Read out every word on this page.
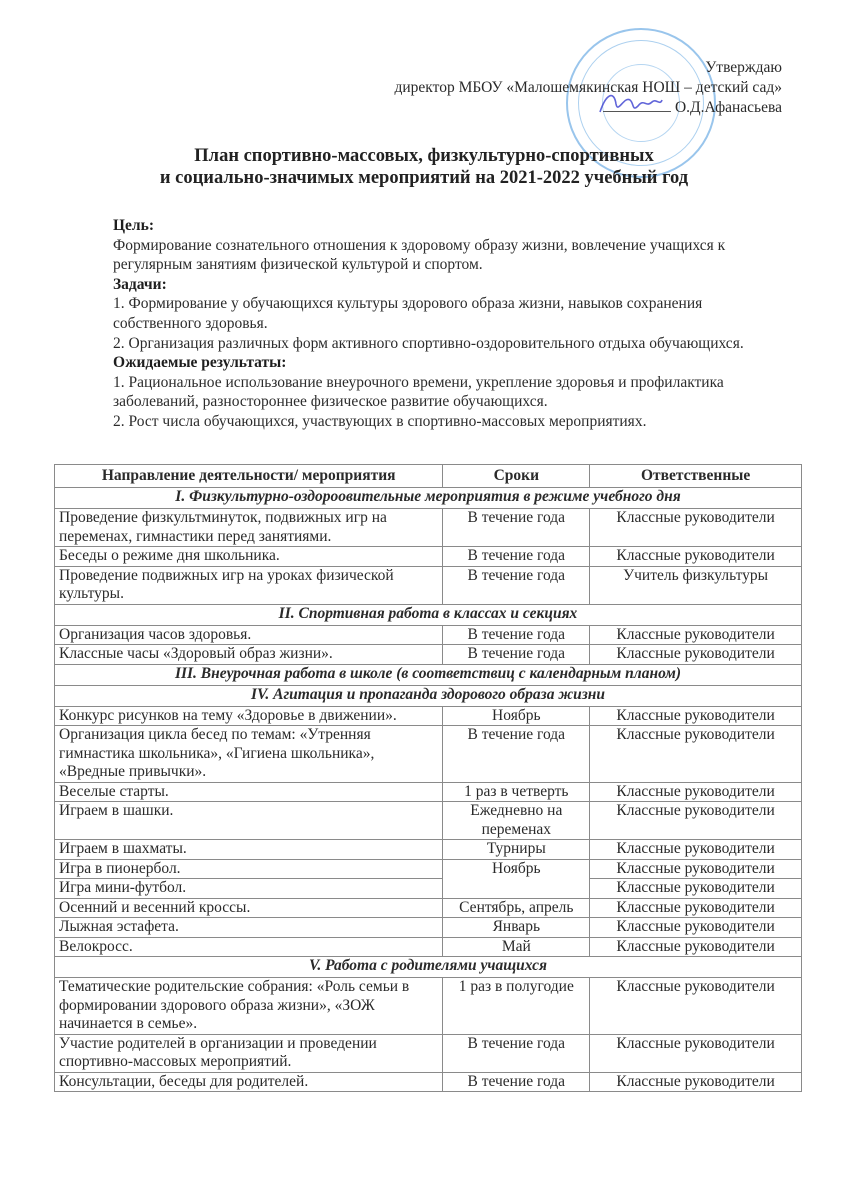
Утверждаю
директор МБОУ «Малошемякинская НОШ – детский сад»
О.Д.Афанасьева
План спортивно-массовых, физкультурно-спортивных
и социально-значимых мероприятий на 2021-2022 учебный год
Цель:
Формирование сознательного отношения к здоровому образу жизни, вовлечение учащихся к регулярным занятиям физической культурой и спортом.
Задачи:
1. Формирование у обучающихся культуры здорового образа жизни, навыков сохранения собственного здоровья.
2. Организация различных форм активного спортивно-оздоровительного отдыха обучающихся.
Ожидаемые результаты:
1. Рациональное использование внеурочного времени, укрепление здоровья и профилактика заболеваний, разностороннее физическое развитие обучающихся.
2. Рост числа обучающихся, участвующих в спортивно-массовых мероприятиях.
Направление деятельности/ мероприятия	Сроки	Ответственные
I. Физкультурно-оздороовительные мероприятия в режиме учебного дня		
Проведение физкультминуток, подвижных игр на переменах, гимнастики перед занятиями.	В течение года	Классные руководители
Беседы о режиме дня школьника.	В течение года	Классные руководители
Проведение подвижных игр на уроках физической культуры.	В течение года	Учитель физкультуры
II. Спортивная работа в классах и секциях		
Организация часов здоровья.	В течение года	Классные руководители
Классные часы «Здоровый образ жизни».	В течение года	Классные руководители
III. Внеурочная работа в школе (в соответствиц с календарным планом)		
IV. Агитация и пропаганда здорового образа жизни		
Конкурс рисунков на тему «Здоровье в движении».	Ноябрь	Классные руководители
Организация цикла бесед по темам: «Утренняя гимнастика школьника», «Гигиена школьника», «Вредные привычки».	В течение года	Классные руководители
Веселые старты.	1 раз в четверть	Классные руководители
Играем в шашки.	Ежедневно на переменах	Классные руководители
Играем в шахматы.	Турниры	Классные руководители
Игра в пионербол.	Ноябрь	Классные руководители
Игра мини-футбол.		Классные руководители
Осенний и весенний кроссы.	Сентябрь, апрель	Классные руководители
Лыжная эстафета.	Январь	Классные руководители
Велокросс.	Май	Классные руководители
V. Работа с родителями учащихся		
Тематические родительские собрания: «Роль семьи в формировании здорового образа жизни», «ЗОЖ начинается в семье».	1 раз в полугодие	Классные руководители
Участие родителей в организации и проведении спортивно-массовых мероприятий.	В течение года	Классные руководители
Консультации, беседы для родителей.	В течение года	Классные руководители
